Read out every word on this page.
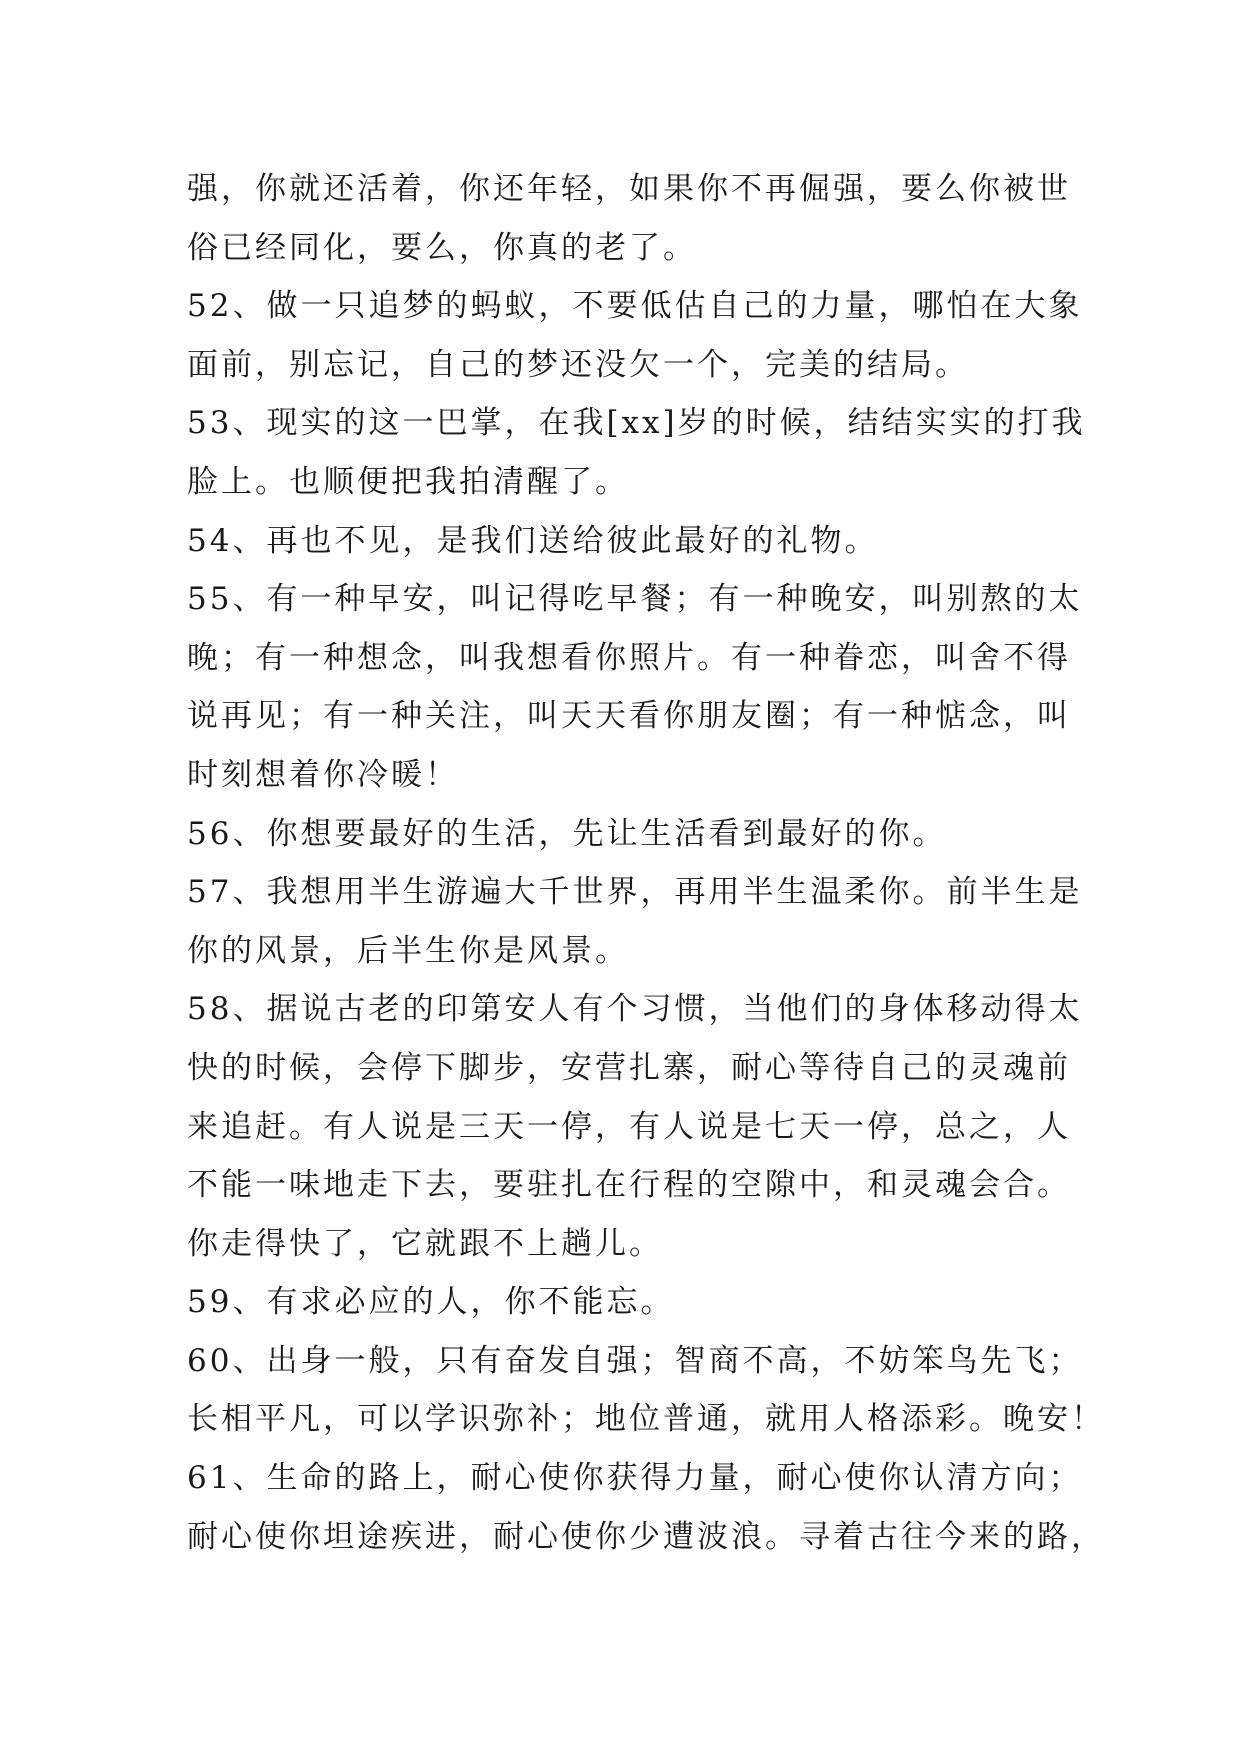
强，你就还活着，你还年轻，如果你不再倔强，要么你被世
俗已经同化，要么，你真的老了。
52、做一只追梦的蚂蚁，不要低估自己的力量，哪怕在大象
面前，别忘记，自己的梦还没欠一个，完美的结局。
53、现实的这一巴掌，在我[xx]岁的时候，结结实实的打我
脸上。也顺便把我拍清醒了。
54、再也不见，是我们送给彼此最好的礼物。
55、有一种早安，叫记得吃早餐；有一种晚安，叫别熬的太
晚；有一种想念，叫我想看你照片。有一种眷恋，叫舍不得
说再见；有一种关注，叫天天看你朋友圈；有一种惦念，叫
时刻想着你冷暖！
56、你想要最好的生活，先让生活看到最好的你。
57、我想用半生游遍大千世界，再用半生温柔你。前半生是
你的风景，后半生你是风景。
58、据说古老的印第安人有个习惯，当他们的身体移动得太
快的时候，会停下脚步，安营扎寨，耐心等待自己的灵魂前
来追赶。有人说是三天一停，有人说是七天一停，总之，人
不能一味地走下去，要驻扎在行程的空隙中，和灵魂会合。
你走得快了，它就跟不上趟儿。
59、有求必应的人，你不能忘。
60、出身一般，只有奋发自强；智商不高，不妨笨鸟先飞；
长相平凡，可以学识弥补；地位普通，就用人格添彩。晚安！
61、生命的路上，耐心使你获得力量，耐心使你认清方向；
耐心使你坦途疾进，耐心使你少遭波浪。寻着古往今来的路，
